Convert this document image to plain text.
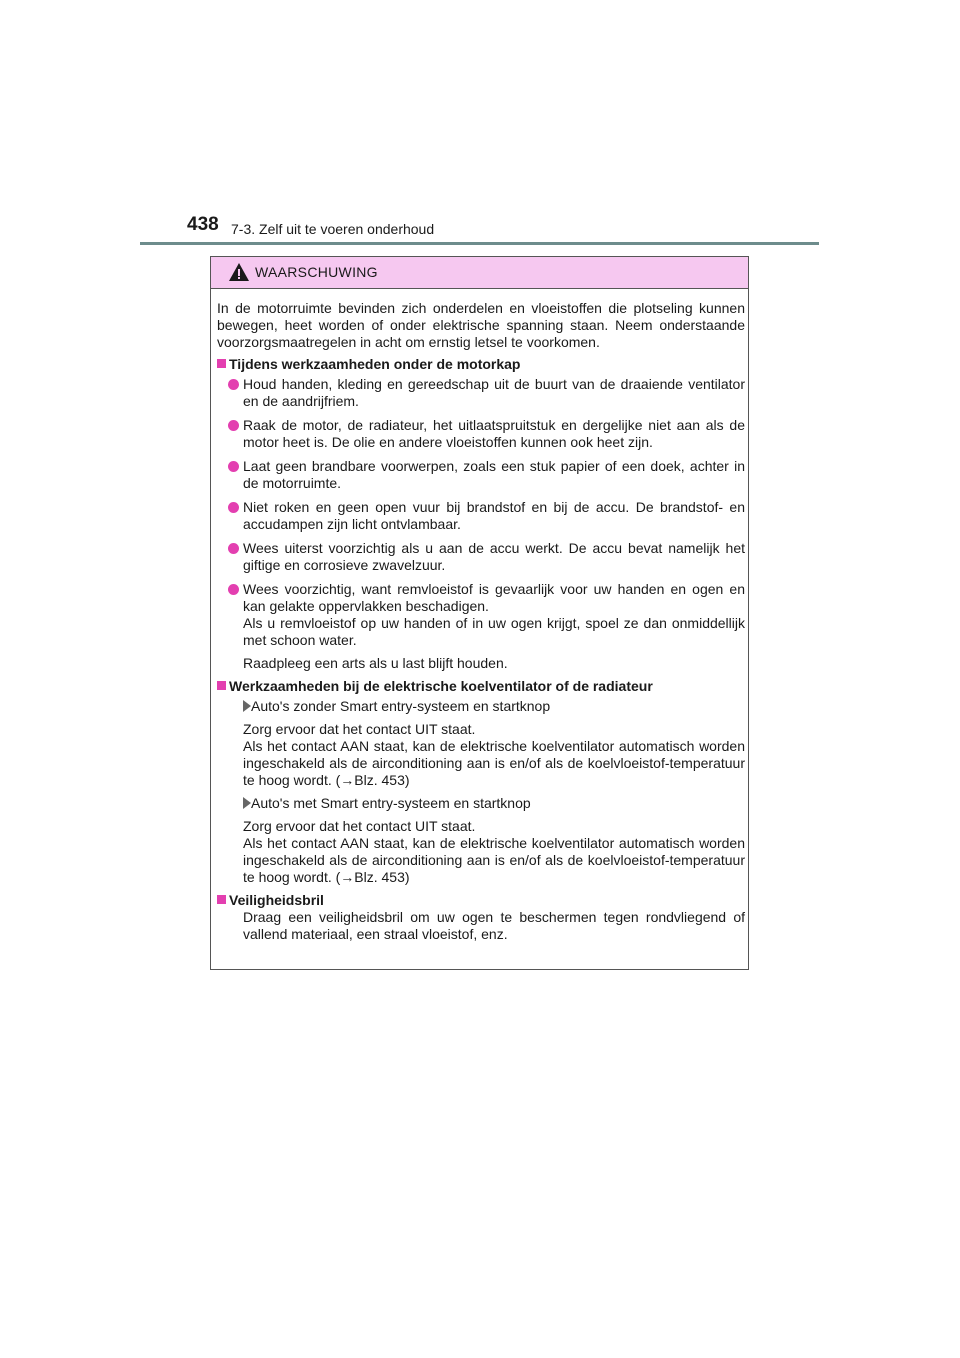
438 7-3. Zelf uit te voeren onderhoud
WAARSCHUWING

In de motorruimte bevinden zich onderdelen en vloeistoffen die plotseling kunnen bewegen, heet worden of onder elektrische spanning staan. Neem onderstaande voorzorgsmaatregelen in acht om ernstig letsel te voorkomen.

Tijdens werkzaamheden onder de motorkap

Houd handen, kleding en gereedschap uit de buurt van de draaiende ventilator en de aandrijfriem.

Raak de motor, de radiateur, het uitlaatspruitstuk en dergelijke niet aan als de motor heet is. De olie en andere vloeistoffen kunnen ook heet zijn.

Laat geen brandbare voorwerpen, zoals een stuk papier of een doek, achter in de motorruimte.

Niet roken en geen open vuur bij brandstof en bij de accu. De brandstof- en accudampen zijn licht ontvlambaar.

Wees uiterst voorzichtig als u aan de accu werkt. De accu bevat namelijk het giftige en corrosieve zwavelzuur.

Wees voorzichtig, want remvloeistof is gevaarlijk voor uw handen en ogen en kan gelakte oppervlakken beschadigen.
Als u remvloeistof op uw handen of in uw ogen krijgt, spoel ze dan onmiddellijk met schoon water.

Raadpleeg een arts als u last blijft houden.

Werkzaamheden bij de elektrische koelventilator of de radiateur

Auto's zonder Smart entry-systeem en startknop

Zorg ervoor dat het contact UIT staat.
Als het contact AAN staat, kan de elektrische koelventilator automatisch worden ingeschakeld als de airconditioning aan is en/of als de koelvloeistof-temperatuur te hoog wordt. (→Blz. 453)

Auto's met Smart entry-systeem en startknop

Zorg ervoor dat het contact UIT staat.
Als het contact AAN staat, kan de elektrische koelventilator automatisch worden ingeschakeld als de airconditioning aan is en/of als de koelvloeistof-temperatuur te hoog wordt. (→Blz. 453)

Veiligheidsbril

Draag een veiligheidsbril om uw ogen te beschermen tegen rondvliegend of vallend materiaal, een straal vloeistof, enz.
